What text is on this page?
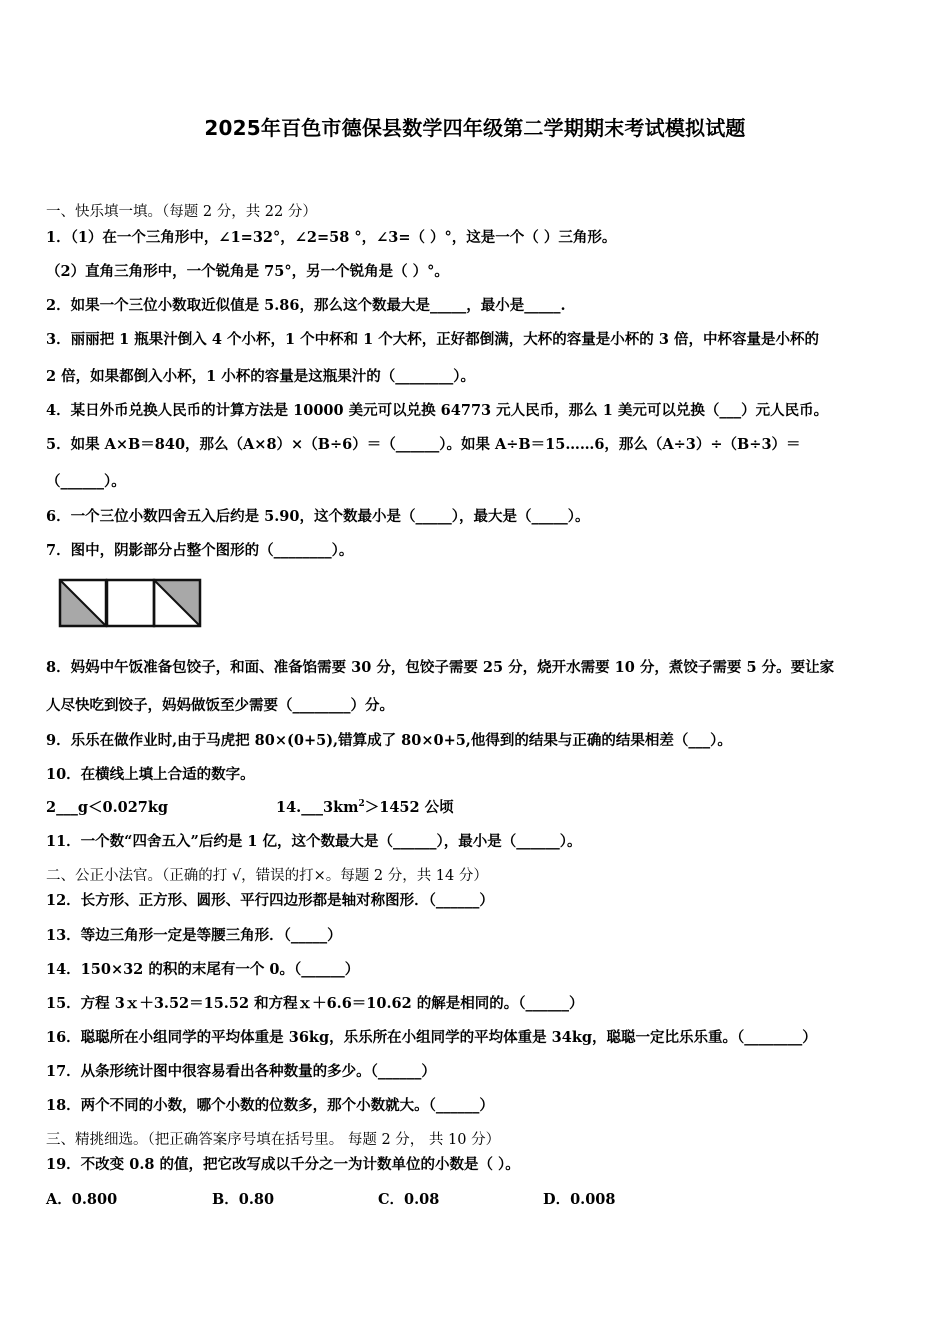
2025年百色市德保县数学四年级第二学期期末考试模拟试题
一、快乐填一填。（每题 2 分，共 22 分）
1．（1）在一个三角形中，∠1=32°，∠2=58 °，∠3=（ ）°，这是一个（ ）三角形。
（2）直角三角形中，一个锐角是 75°，另一个锐角是（ ）°。
2．如果一个三位小数取近似值是 5.86，那么这个数最大是_____，最小是_____.
3．丽丽把 1 瓶果汁倒入 4 个小杯，1 个中杯和 1 个大杯，正好都倒满，大杯的容量是小杯的 3 倍，中杯容量是小杯的
2 倍，如果都倒入小杯，1 小杯的容量是这瓶果汁的（________）。
4．某日外币兑换人民币的计算方法是 10000 美元可以兑换 64773 元人民币，那么 1 美元可以兑换（___）元人民币。
5．如果 A×B＝840，那么（A×8）×（B÷6）＝（______）。如果 A÷B＝15……6，那么（A÷3）÷（B÷3）＝
（______）。
6．一个三位小数四舍五入后约是 5.90，这个数最小是（_____），最大是（_____）。
7．图中，阴影部分占整个图形的（________）。
8．妈妈中午饭准备包饺子，和面、准备馅需要 30 分，包饺子需要 25 分，烧开水需要 10 分，煮饺子需要 5 分。要让家
人尽快吃到饺子，妈妈做饭至少需要（________）分。
9．乐乐在做作业时,由于马虎把 80×(0+5),错算成了 80×0+5,他得到的结果与正确的结果相差（___）。
10．在横线上填上合适的数字。
2___g＜0.027kg	$14.\_\_\_3km^2>1452$ 公顷
11．一个数“四舍五入”后约是 1 亿，这个数最大是（______），最小是（______）。
二、公正小法官。（正确的打 √，错误的打×。每题 2 分，共 14 分）
12．长方形、正方形、圆形、平行四边形都是轴对称图形．（______）
13．等边三角形一定是等腰三角形．（_____）
14．150×32 的积的末尾有一个 0。（______）
15．方程 3ｘ＋3.52＝15.52 和方程ｘ＋6.6＝10.62 的解是相同的。（______）
16．聪聪所在小组同学的平均体重是 36kg，乐乐所在小组同学的平均体重是 34kg，聪聪一定比乐乐重。（________）
17．从条形统计图中很容易看出各种数量的多少。（______）
18．两个不同的小数，哪个小数的位数多，那个小数就大。（______）
三、精挑细选。（把正确答案序号填在括号里。 每题 2 分， 共 10 分）
19．不改变 0.8 的值，把它改写成以千分之一为计数单位的小数是（ ）。
A．0.800	B．0.80	C．0.08	D．0.008
